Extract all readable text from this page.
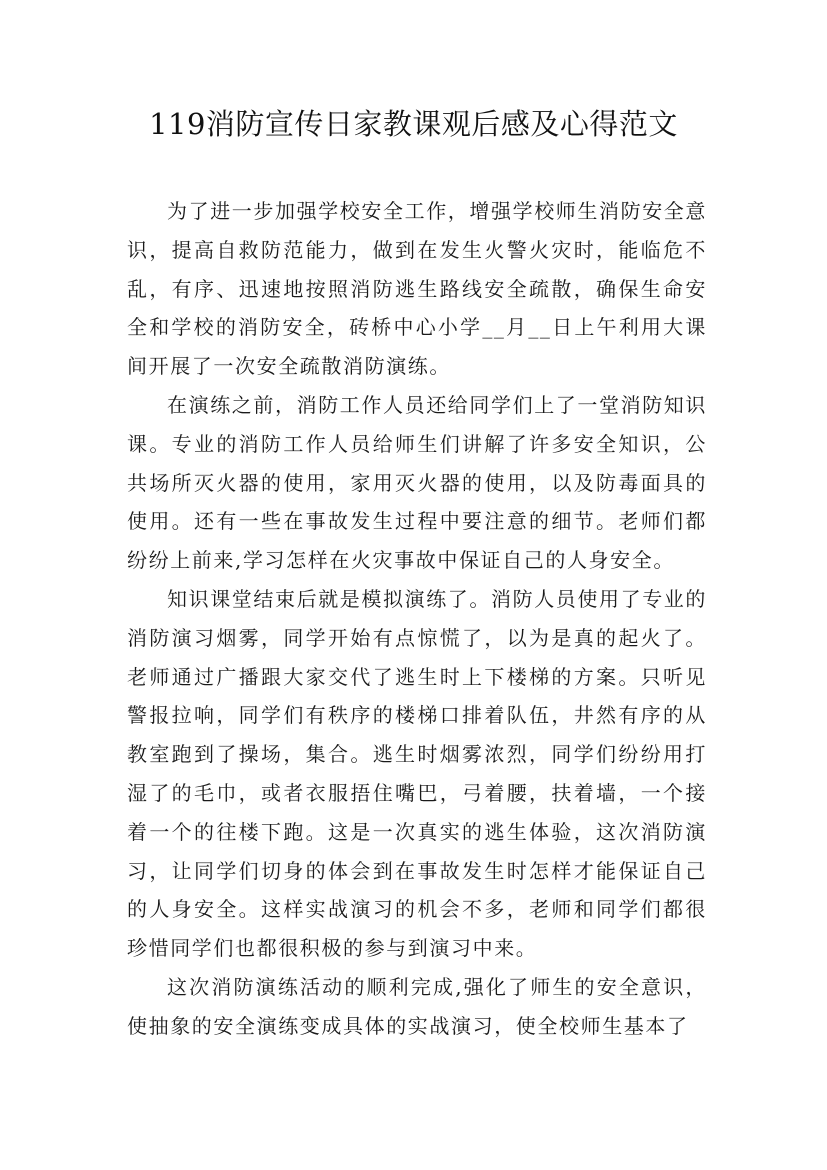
119消防宣传日家教课观后感及心得范文

为了进一步加强学校安全工作，增强学校师生消防安全意识，提高自救防范能力，做到在发生火警火灾时，能临危不乱，有序、迅速地按照消防逃生路线安全疏散，确保生命安全和学校的消防安全，砖桥中心小学__月__日上午利用大课间开展了一次安全疏散消防演练。

在演练之前，消防工作人员还给同学们上了一堂消防知识课。专业的消防工作人员给师生们讲解了许多安全知识，公共场所灭火器的使用，家用灭火器的使用，以及防毒面具的使用。还有一些在事故发生过程中要注意的细节。老师们都纷纷上前来,学习怎样在火灾事故中保证自己的人身安全。

知识课堂结束后就是模拟演练了。消防人员使用了专业的消防演习烟雾，同学开始有点惊慌了，以为是真的起火了。老师通过广播跟大家交代了逃生时上下楼梯的方案。只听见警报拉响，同学们有秩序的楼梯口排着队伍，井然有序的从教室跑到了操场，集合。逃生时烟雾浓烈，同学们纷纷用打湿了的毛巾，或者衣服捂住嘴巴，弓着腰，扶着墙，一个接着一个的往楼下跑。这是一次真实的逃生体验，这次消防演习，让同学们切身的体会到在事故发生时怎样才能保证自己的人身安全。这样实战演习的机会不多，老师和同学们都很珍惜同学们也都很积极的参与到演习中来。

这次消防演练活动的顺利完成,强化了师生的安全意识，使抽象的安全演练变成具体的实战演习，使全校师生基本了
